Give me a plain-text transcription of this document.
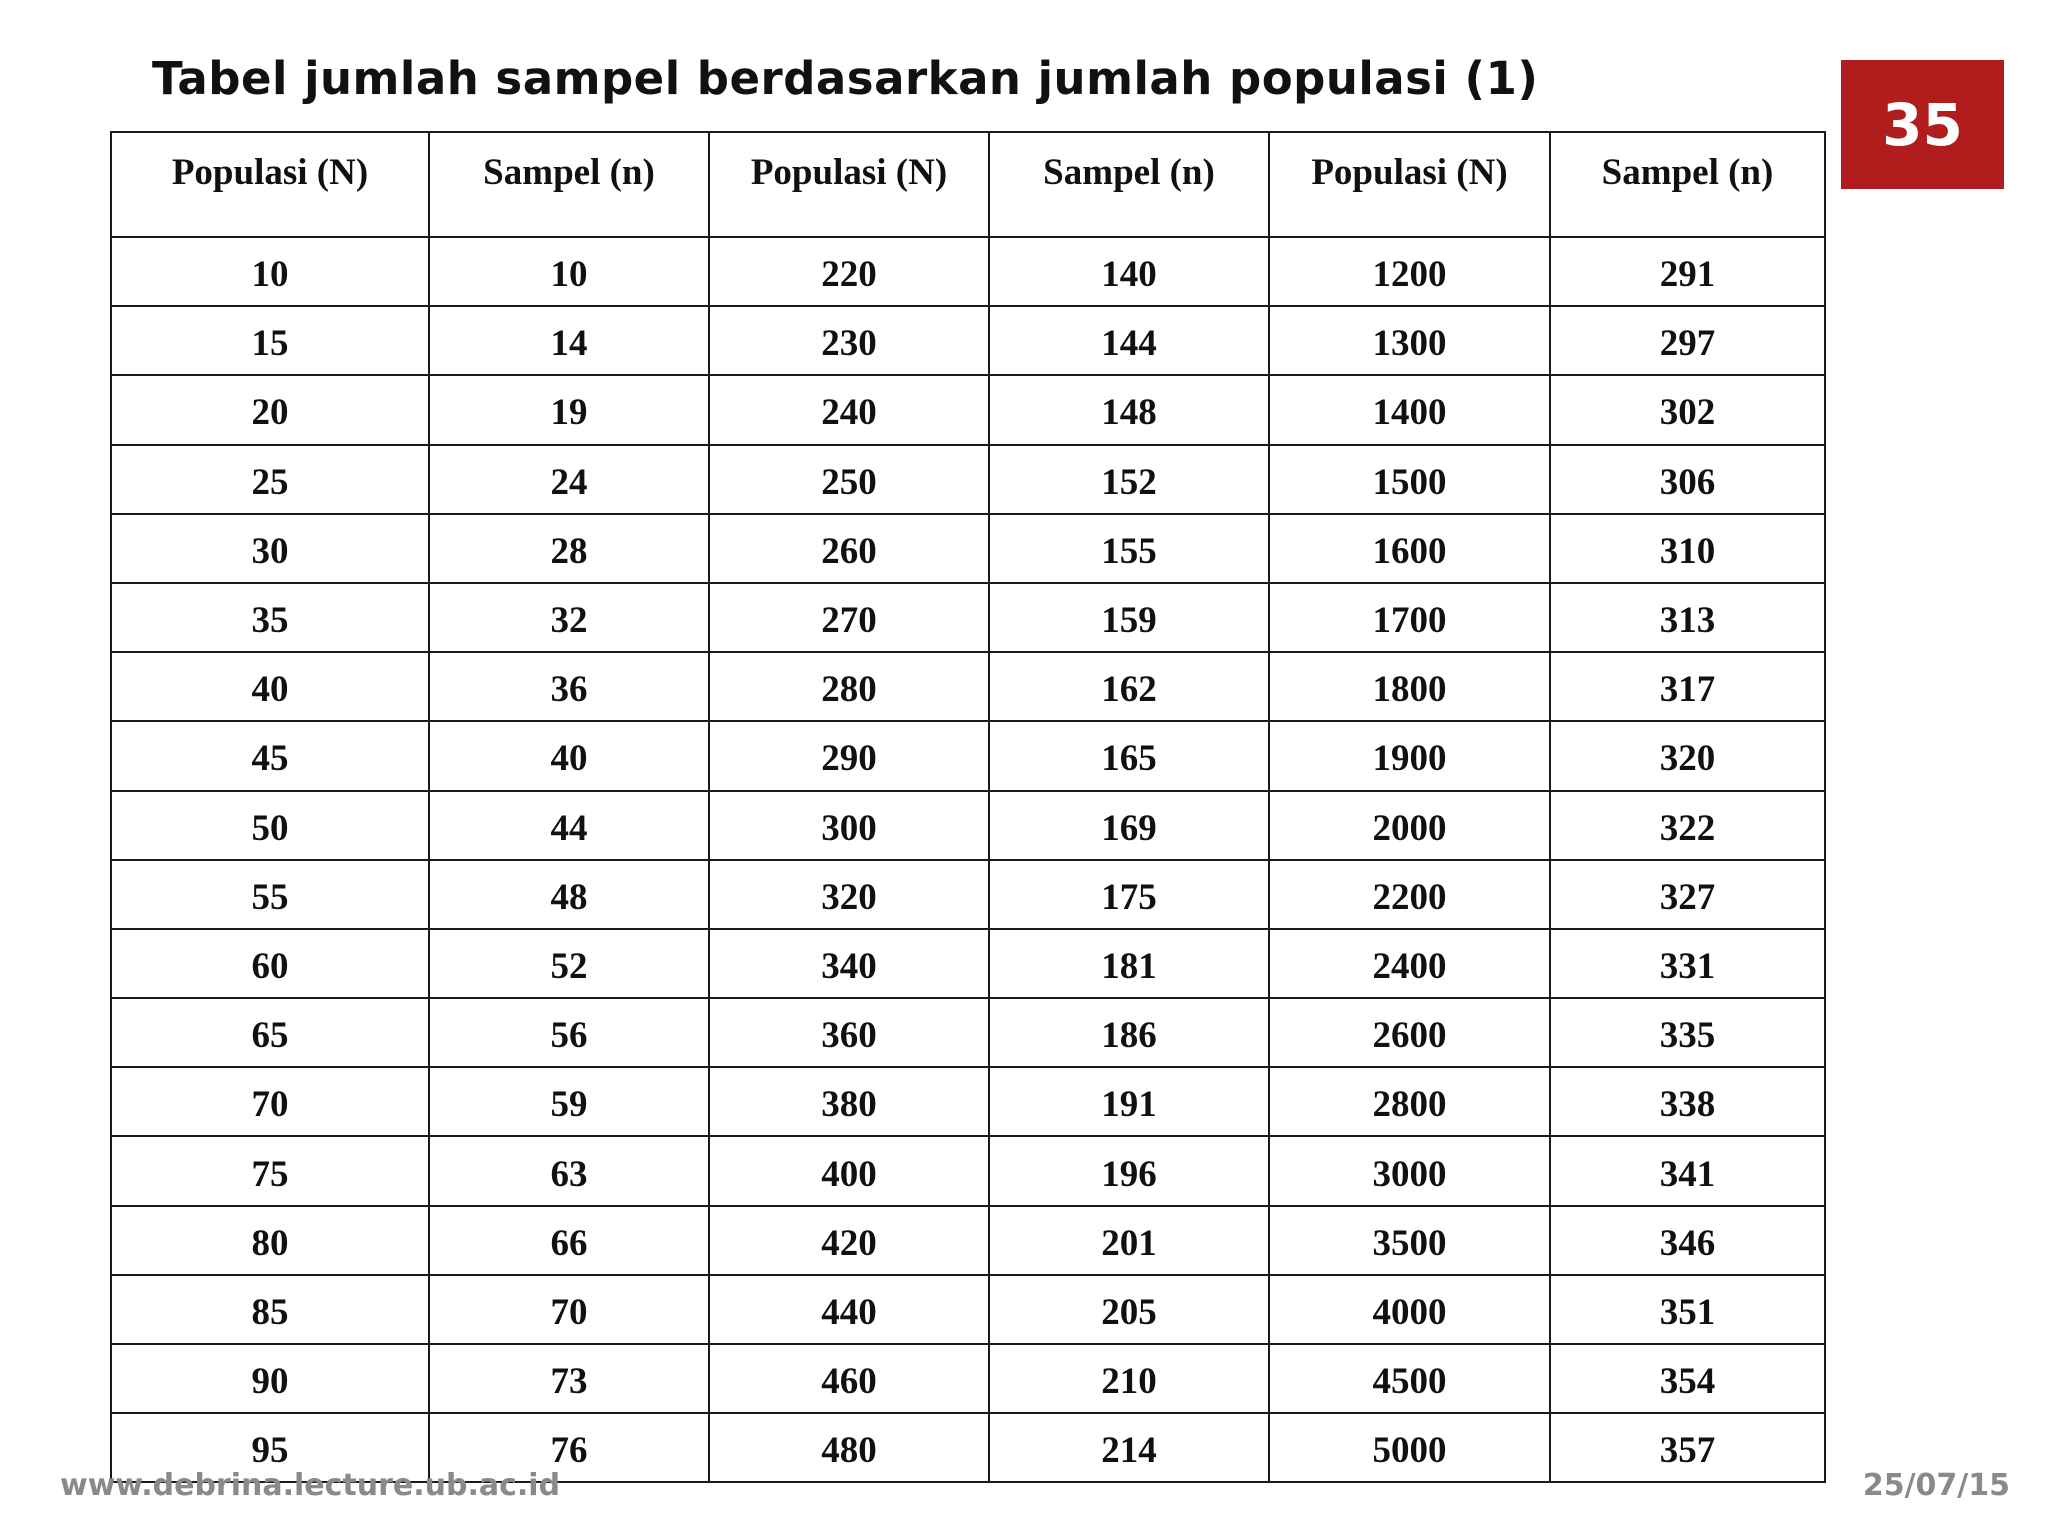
Tabel jumlah sampel berdasarkan jumlah populasi (1)
35
Populasi (N)	Sampel (n)	Populasi (N)	Sampel (n)	Populasi (N)	Sampel (n)
10	10	220	140	1200	291
15	14	230	144	1300	297
20	19	240	148	1400	302
25	24	250	152	1500	306
30	28	260	155	1600	310
35	32	270	159	1700	313
40	36	280	162	1800	317
45	40	290	165	1900	320
50	44	300	169	2000	322
55	48	320	175	2200	327
60	52	340	181	2400	331
65	56	360	186	2600	335
70	59	380	191	2800	338
75	63	400	196	3000	341
80	66	420	201	3500	346
85	70	440	205	4000	351
90	73	460	210	4500	354
95	76	480	214	5000	357
www.debrina.lecture.ub.ac.id	25/07/15
